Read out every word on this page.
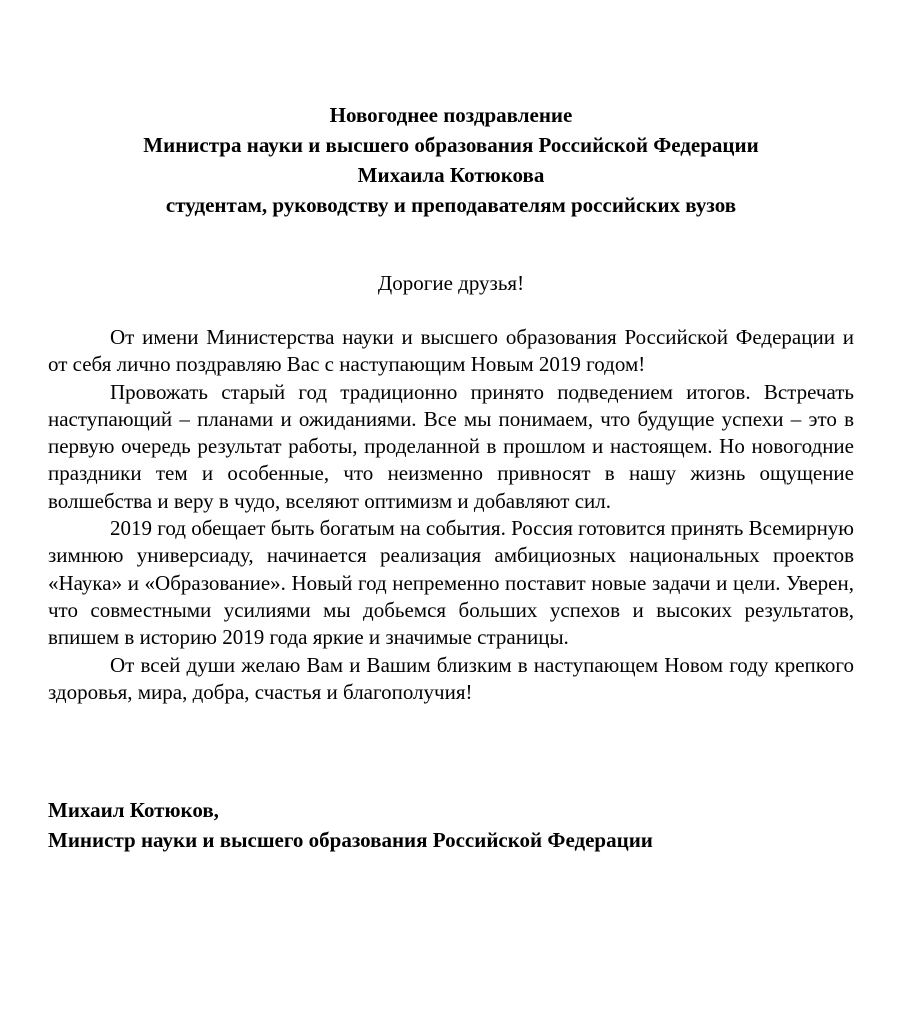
Новогоднее поздравление
Министра науки и высшего образования Российской Федерации
Михаила Котюкова
студентам, руководству и преподавателям российских вузов
Дорогие друзья!

От имени Министерства науки и высшего образования Российской Федерации и от себя лично поздравляю Вас с наступающим Новым 2019 годом!

Провожать старый год традиционно принято подведением итогов. Встречать наступающий – планами и ожиданиями. Все мы понимаем, что будущие успехи – это в первую очередь результат работы, проделанной в прошлом и настоящем. Но новогодние праздники тем и особенные, что неизменно привносят в нашу жизнь ощущение волшебства и веру в чудо, вселяют оптимизм и добавляют сил.

2019 год обещает быть богатым на события. Россия готовится принять Всемирную зимнюю универсиаду, начинается реализация амбициозных национальных проектов «Наука» и «Образование». Новый год непременно поставит новые задачи и цели. Уверен, что совместными усилиями мы добьемся больших успехов и высоких результатов, впишем в историю 2019 года яркие и значимые страницы.

От всей души желаю Вам и Вашим близким в наступающем Новом году крепкого здоровья, мира, добра, счастья и благополучия!

Михаил Котюков,
Министр науки и высшего образования Российской Федерации
